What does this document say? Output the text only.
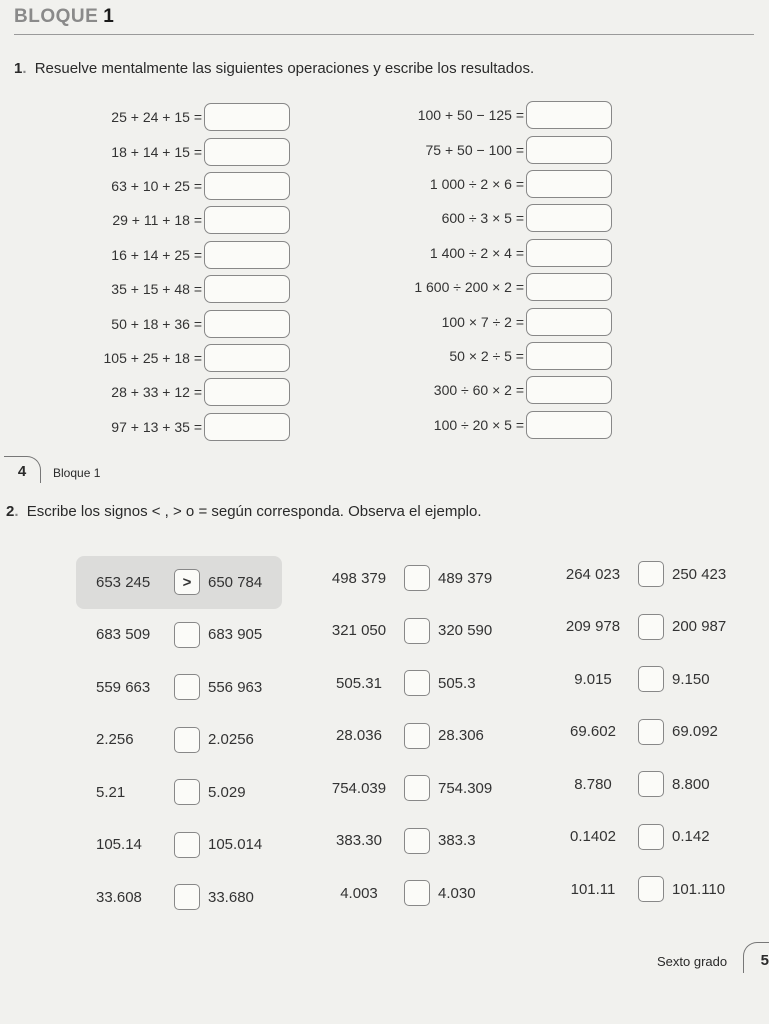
BLOQUE 1
1. Resuelve mentalmente las siguientes operaciones y escribe los resultados.
25 + 24 + 15 =
18 + 14 + 15 =
63 + 10 + 25 =
29 + 11 + 18 =
16 + 14 + 25 =
35 + 15 + 48 =
50 + 18 + 36 =
105 + 25 + 18 =
28 + 33 + 12 =
97 + 13 + 35 =
100 + 50 − 125 =
75 + 50 − 100 =
1 000 ÷ 2 × 6 =
600 ÷ 3 × 5 =
1 400 ÷ 2 × 4 =
1 600 ÷ 200 × 2 =
100 × 7 ÷ 2 =
50 × 2 ÷ 5 =
300 ÷ 60 × 2 =
100 ÷ 20 × 5 =
4	Bloque 1
2. Escribe los signos < , > o = según corresponda. Observa el ejemplo.
653 245	>	650 784
683 509	683 905
559 663	556 963
2.256	2.0256
5.21	5.029
105.14	105.014
33.608	33.680
498 379	489 379
321 050	320 590
505.31	505.3
28.036	28.306
754.039	754.309
383.30	383.3
4.003	4.030
264 023	250 423
209 978	200 987
9.015	9.150
69.602	69.092
8.780	8.800
0.1402	0.142
101.11	101.110
Sexto grado	5
